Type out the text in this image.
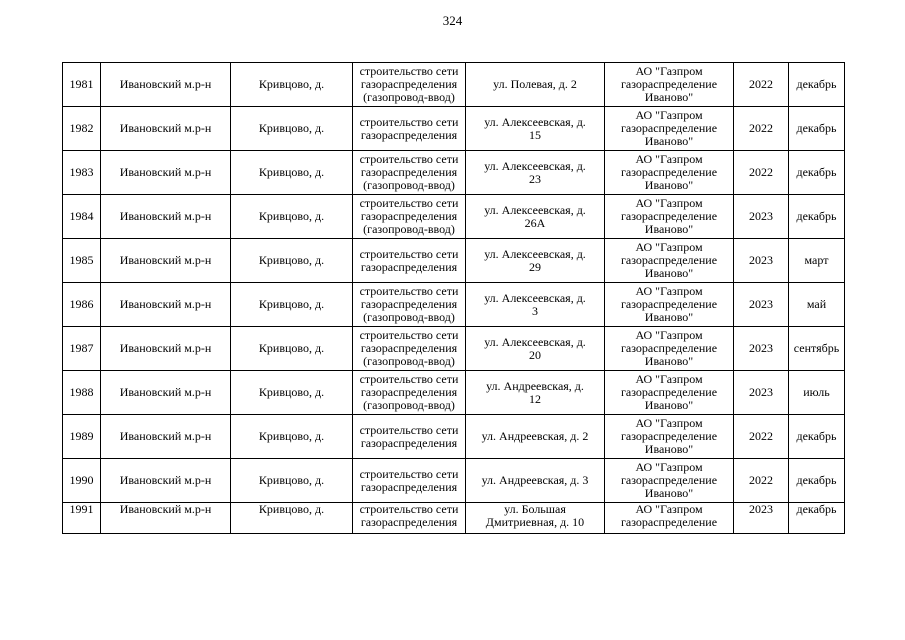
324
1981	Ивановский м.р-н	Кривцово, д.	строительство сети
газораспределения
(газопровод-ввод)	ул. Полевая, д. 2	АО "Газпром
газораспределение
Иваново"	2022	декабрь
1982	Ивановский м.р-н	Кривцово, д.	строительство сети
газораспределения	ул. Алексеевская, д.
15	АО "Газпром
газораспределение
Иваново"	2022	декабрь
1983	Ивановский м.р-н	Кривцово, д.	строительство сети
газораспределения
(газопровод-ввод)	ул. Алексеевская, д.
23	АО "Газпром
газораспределение
Иваново"	2022	декабрь
1984	Ивановский м.р-н	Кривцово, д.	строительство сети
газораспределения
(газопровод-ввод)	ул. Алексеевская, д.
26А	АО "Газпром
газораспределение
Иваново"	2023	декабрь
1985	Ивановский м.р-н	Кривцово, д.	строительство сети
газораспределения	ул. Алексеевская, д.
29	АО "Газпром
газораспределение
Иваново"	2023	март
1986	Ивановский м.р-н	Кривцово, д.	строительство сети
газораспределения
(газопровод-ввод)	ул. Алексеевская, д.
3	АО "Газпром
газораспределение
Иваново"	2023	май
1987	Ивановский м.р-н	Кривцово, д.	строительство сети
газораспределения
(газопровод-ввод)	ул. Алексеевская, д.
20	АО "Газпром
газораспределение
Иваново"	2023	сентябрь
1988	Ивановский м.р-н	Кривцово, д.	строительство сети
газораспределения
(газопровод-ввод)	ул. Андреевская, д.
12	АО "Газпром
газораспределение
Иваново"	2023	июль
1989	Ивановский м.р-н	Кривцово, д.	строительство сети
газораспределения	ул. Андреевская, д. 2	АО "Газпром
газораспределение
Иваново"	2022	декабрь
1990	Ивановский м.р-н	Кривцово, д.	строительство сети
газораспределения	ул. Андреевская, д. 3	АО "Газпром
газораспределение
Иваново"	2022	декабрь
1991	Ивановский м.р-н	Кривцово, д.	строительство сети
газораспределения	ул. Большая
Дмитриевная, д. 10	АО "Газпром
газораспределение	2023	декабрь
